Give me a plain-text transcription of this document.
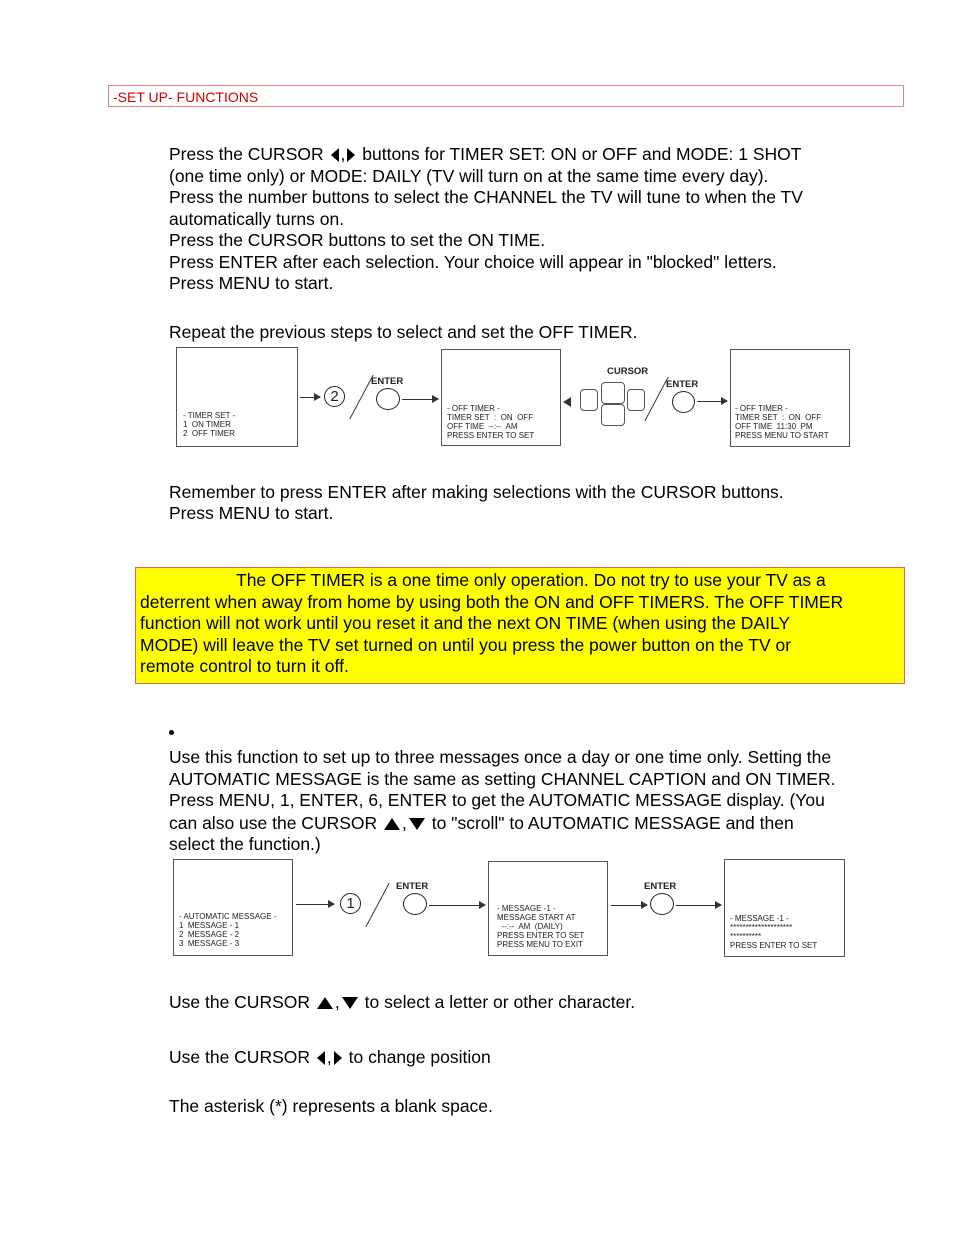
-SET UP- FUNCTIONS
Press the CURSOR , buttons for TIMER SET: ON or OFF and MODE: 1 SHOT
(one time only) or MODE: DAILY (TV will turn on at the same time every day).
Press the number buttons to select the CHANNEL the TV will tune to when the TV
automatically turns on.
Press the CURSOR buttons to set the ON TIME.
Press ENTER after each selection. Your choice will appear in "blocked" letters.
Press MENU to start.
Repeat the previous steps to select and set the OFF TIMER.
- TIMER SET -
1  ON TIMER
2  OFF TIMER
2
ENTER
- OFF TIMER -
TIMER SET  :  ON  OFF
OFF TIME  --:--  AM
PRESS ENTER TO SET
CURSOR
ENTER
- OFF TIMER -
TIMER SET  :  ON  OFF
OFF TIME  11:30  PM
PRESS MENU TO START
Remember to press ENTER after making selections with the CURSOR buttons.
Press MENU to start.
The OFF TIMER is a one time only operation. Do not try to use your TV as a
deterrent when away from home by using both the ON and OFF TIMERS. The OFF TIMER
function will not work until you reset it and the next ON TIME (when using the DAILY
MODE) will leave the TV set turned on until you press the power button on the TV or
remote control to turn it off.
Use this function to set up to three messages once a day or one time only. Setting the
AUTOMATIC MESSAGE is the same as setting CHANNEL CAPTION and ON TIMER.
Press MENU, 1, ENTER, 6, ENTER to get the AUTOMATIC MESSAGE display. (You
can also use the CURSOR , to "scroll" to AUTOMATIC MESSAGE and then
select the function.)
- AUTOMATIC MESSAGE -
1  MESSAGE - 1
2  MESSAGE - 2
3  MESSAGE - 3
1
ENTER
- MESSAGE -1 -
MESSAGE START AT
--:--  AM  (DAILY)
PRESS ENTER TO SET
PRESS MENU TO EXIT
ENTER
- MESSAGE -1 -
********************
**********
PRESS ENTER TO SET
Use the CURSOR , to select a letter or other character.
Use the CURSOR , to change position
The asterisk (*) represents a blank space.
